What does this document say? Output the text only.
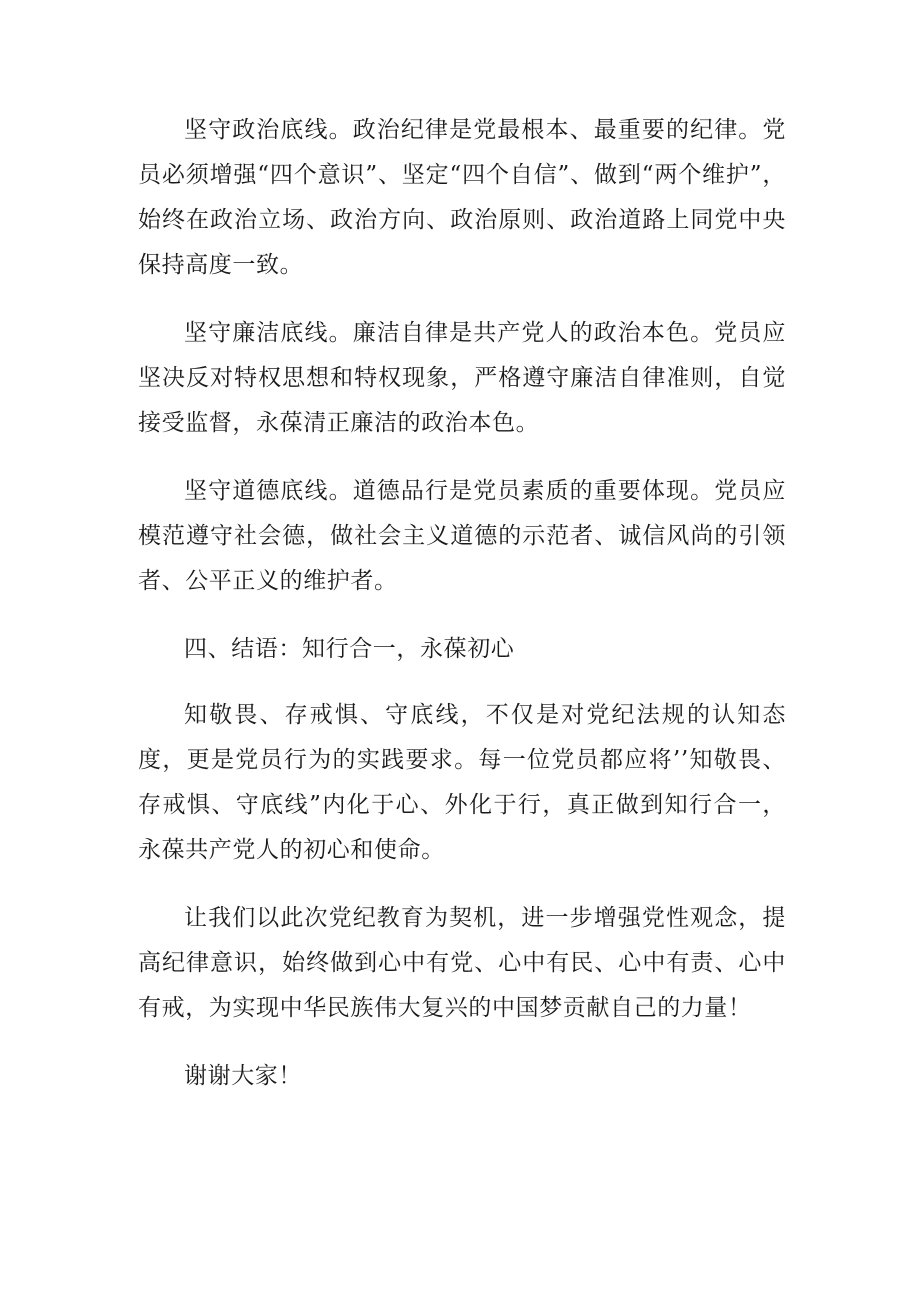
坚守政治底线。政治纪律是党最根本、最重要的纪律。党员必须增强“四个意识”、坚定“四个自信”、做到“两个维护”，始终在政治立场、政治方向、政治原则、政治道路上同党中央保持高度一致。

坚守廉洁底线。廉洁自律是共产党人的政治本色。党员应坚决反对特权思想和特权现象，严格遵守廉洁自律准则，自觉接受监督，永葆清正廉洁的政治本色。

坚守道德底线。道德品行是党员素质的重要体现。党员应模范遵守社会德，做社会主义道德的示范者、诚信风尚的引领者、公平正义的维护者。

四、结语：知行合一，永葆初心

知敬畏、存戒惧、守底线，不仅是对党纪法规的认知态度，更是党员行为的实践要求。每一位党员都应将’’知敬畏、存戒惧、守底线”内化于心、外化于行，真正做到知行合一，永葆共产党人的初心和使命。

让我们以此次党纪教育为契机，进一步增强党性观念，提高纪律意识，始终做到心中有党、心中有民、心中有责、心中有戒，为实现中华民族伟大复兴的中国梦贡献自己的力量！

谢谢大家！
